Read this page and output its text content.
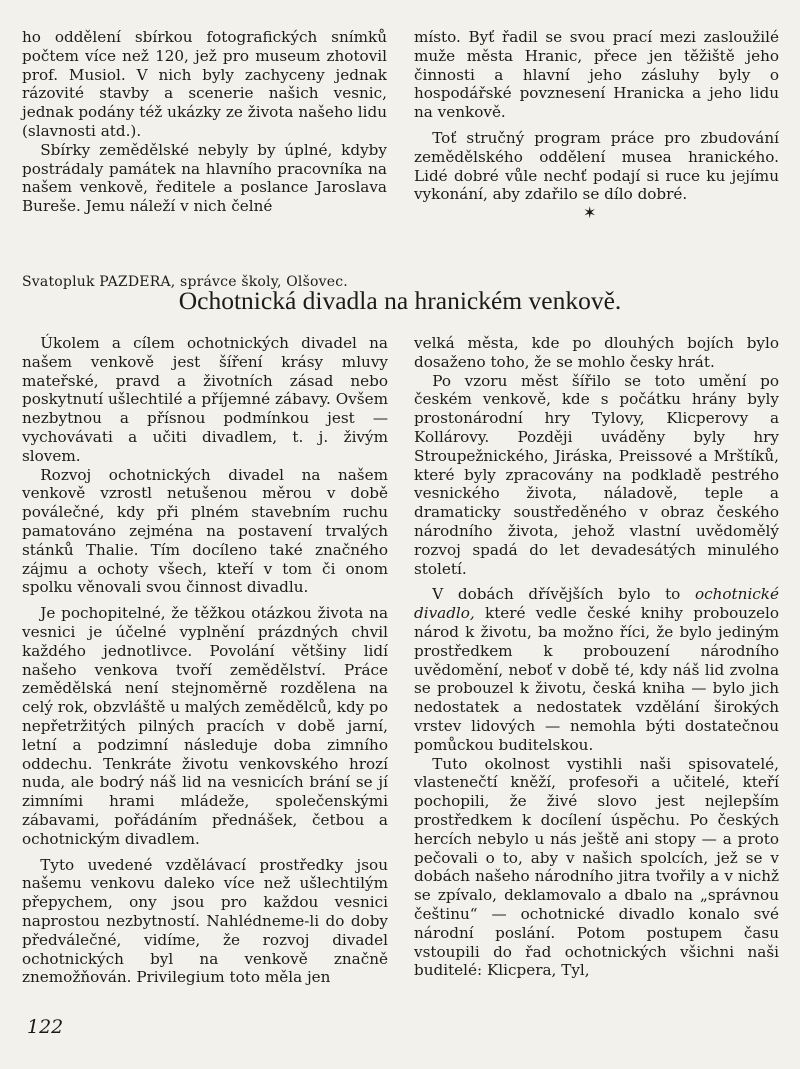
ho oddělení sbírkou fotografických snímků počtem více než 120, jež pro museum zhotovil prof. Musiol. V nich byly zachyceny jednak rázovité stavby a scenerie našich vesnic, jednak podány též ukázky ze života našeho lidu (slavnosti atd.).

Sbírky zemědělské nebyly by úplné, kdyby postrádaly památek na hlavního pracovníka na našem venkově, ředitele a poslance Jaroslava Bureše. Jemu náleží v nich čelné

místo. Byť řadil se svou prací mezi zasloužilé muže města Hranic, přece jen těžiště jeho činnosti a hlavní jeho zásluhy byly o hospodářské povznesení Hranicka a jeho lidu na venkově.

Toť stručný program práce pro zbudování zemědělského oddělení musea hranického. Lidé dobré vůle nechť podají si ruce ku jejímu vykonání, aby zdařilo se dílo dobré.

✶
Svatopluk PAZDERA, správce školy, Olšovec.
Ochotnická divadla na hranickém venkově.

Úkolem a cílem ochotnických divadel na našem venkově jest šíření krásy mluvy mateřské, pravd a životních zásad nebo poskytnutí ušlechtilé a příjemné zábavy. Ovšem nezbytnou a přísnou podmínkou jest — vychovávati a učiti divadlem, t. j. živým slovem.

Rozvoj ochotnických divadel na našem venkově vzrostl netušenou měrou v době poválečné, kdy při plném stavebním ruchu pamatováno zejména na postavení trvalých stánků Thalie. Tím docíleno také značného zájmu a ochoty všech, kteří v tom či onom spolku věnovali svou činnost divadlu.

Je pochopitelné, že těžkou otázkou života na vesnici je účelné vyplnění prázdných chvil každého jednotlivce. Povolání většiny lidí našeho venkova tvoří zemědělství. Práce zemědělská není stejnoměrně rozdělena na celý rok, obzvláště u malých zemědělců, kdy po nepřetržitých pilných pracích v době jarní, letní a podzimní následuje doba zimního oddechu. Tenkráte životu venkovského hrozí nuda, ale bodrý náš lid na vesnicích brání se jí zimními hrami mládeže, společenskými zábavami, pořádáním přednášek, četbou a ochotnickým divadlem.

Tyto uvedené vzdělávací prostředky jsou našemu venkovu daleko více než ušlechtilým přepychem, ony jsou pro každou vesnici naprostou nezbytností. Nahlédneme-li do doby předválečné, vidíme, že rozvoj divadel ochotnických byl na venkově značně znemožňován. Privilegium toto měla jen

velká města, kde po dlouhých bojích bylo dosaženo toho, že se mohlo česky hrát.

Po vzoru měst šířilo se toto umění po českém venkově, kde s počátku hrány byly prostonárodní hry Tylovy, Klicperovy a Kollárovy. Později uváděny byly hry Stroupežnického, Jiráska, Preissové a Mrštíků, které byly zpracovány na podkladě pestrého vesnického života, náladově, teple a dramaticky soustředěného v obraz českého národního života, jehož vlastní uvědomělý rozvoj spadá do let devadesátých minulého století.

V dobách dřívějších bylo to ochotnické divadlo, které vedle české knihy probouzelo národ k životu, ba možno říci, že bylo jediným prostředkem k probouzení národního uvědomění, neboť v době té, kdy náš lid zvolna se probouzel k životu, česká kniha — bylo jich nedostatek a nedostatek vzdělání širokých vrstev lidových — nemohla býti dostatečnou pomůckou buditelskou.

Tuto okolnost vystihli naši spisovatelé, vlastenečtí kněží, profesoři a učitelé, kteří pochopili, že živé slovo jest nejlepším prostředkem k docílení úspěchu. Po českých hercích nebylo u nás ještě ani stopy — a proto pečovali o to, aby v našich spolcích, jež se v dobách našeho národního jitra tvořily a v nichž se zpívalo, deklamovalo a dbalo na „správnou češtinu“ — ochotnické divadlo konalo své národní poslání. Potom postupem času vstoupili do řad ochotnických všichni naši buditelé: Klicpera, Tyl,

122
